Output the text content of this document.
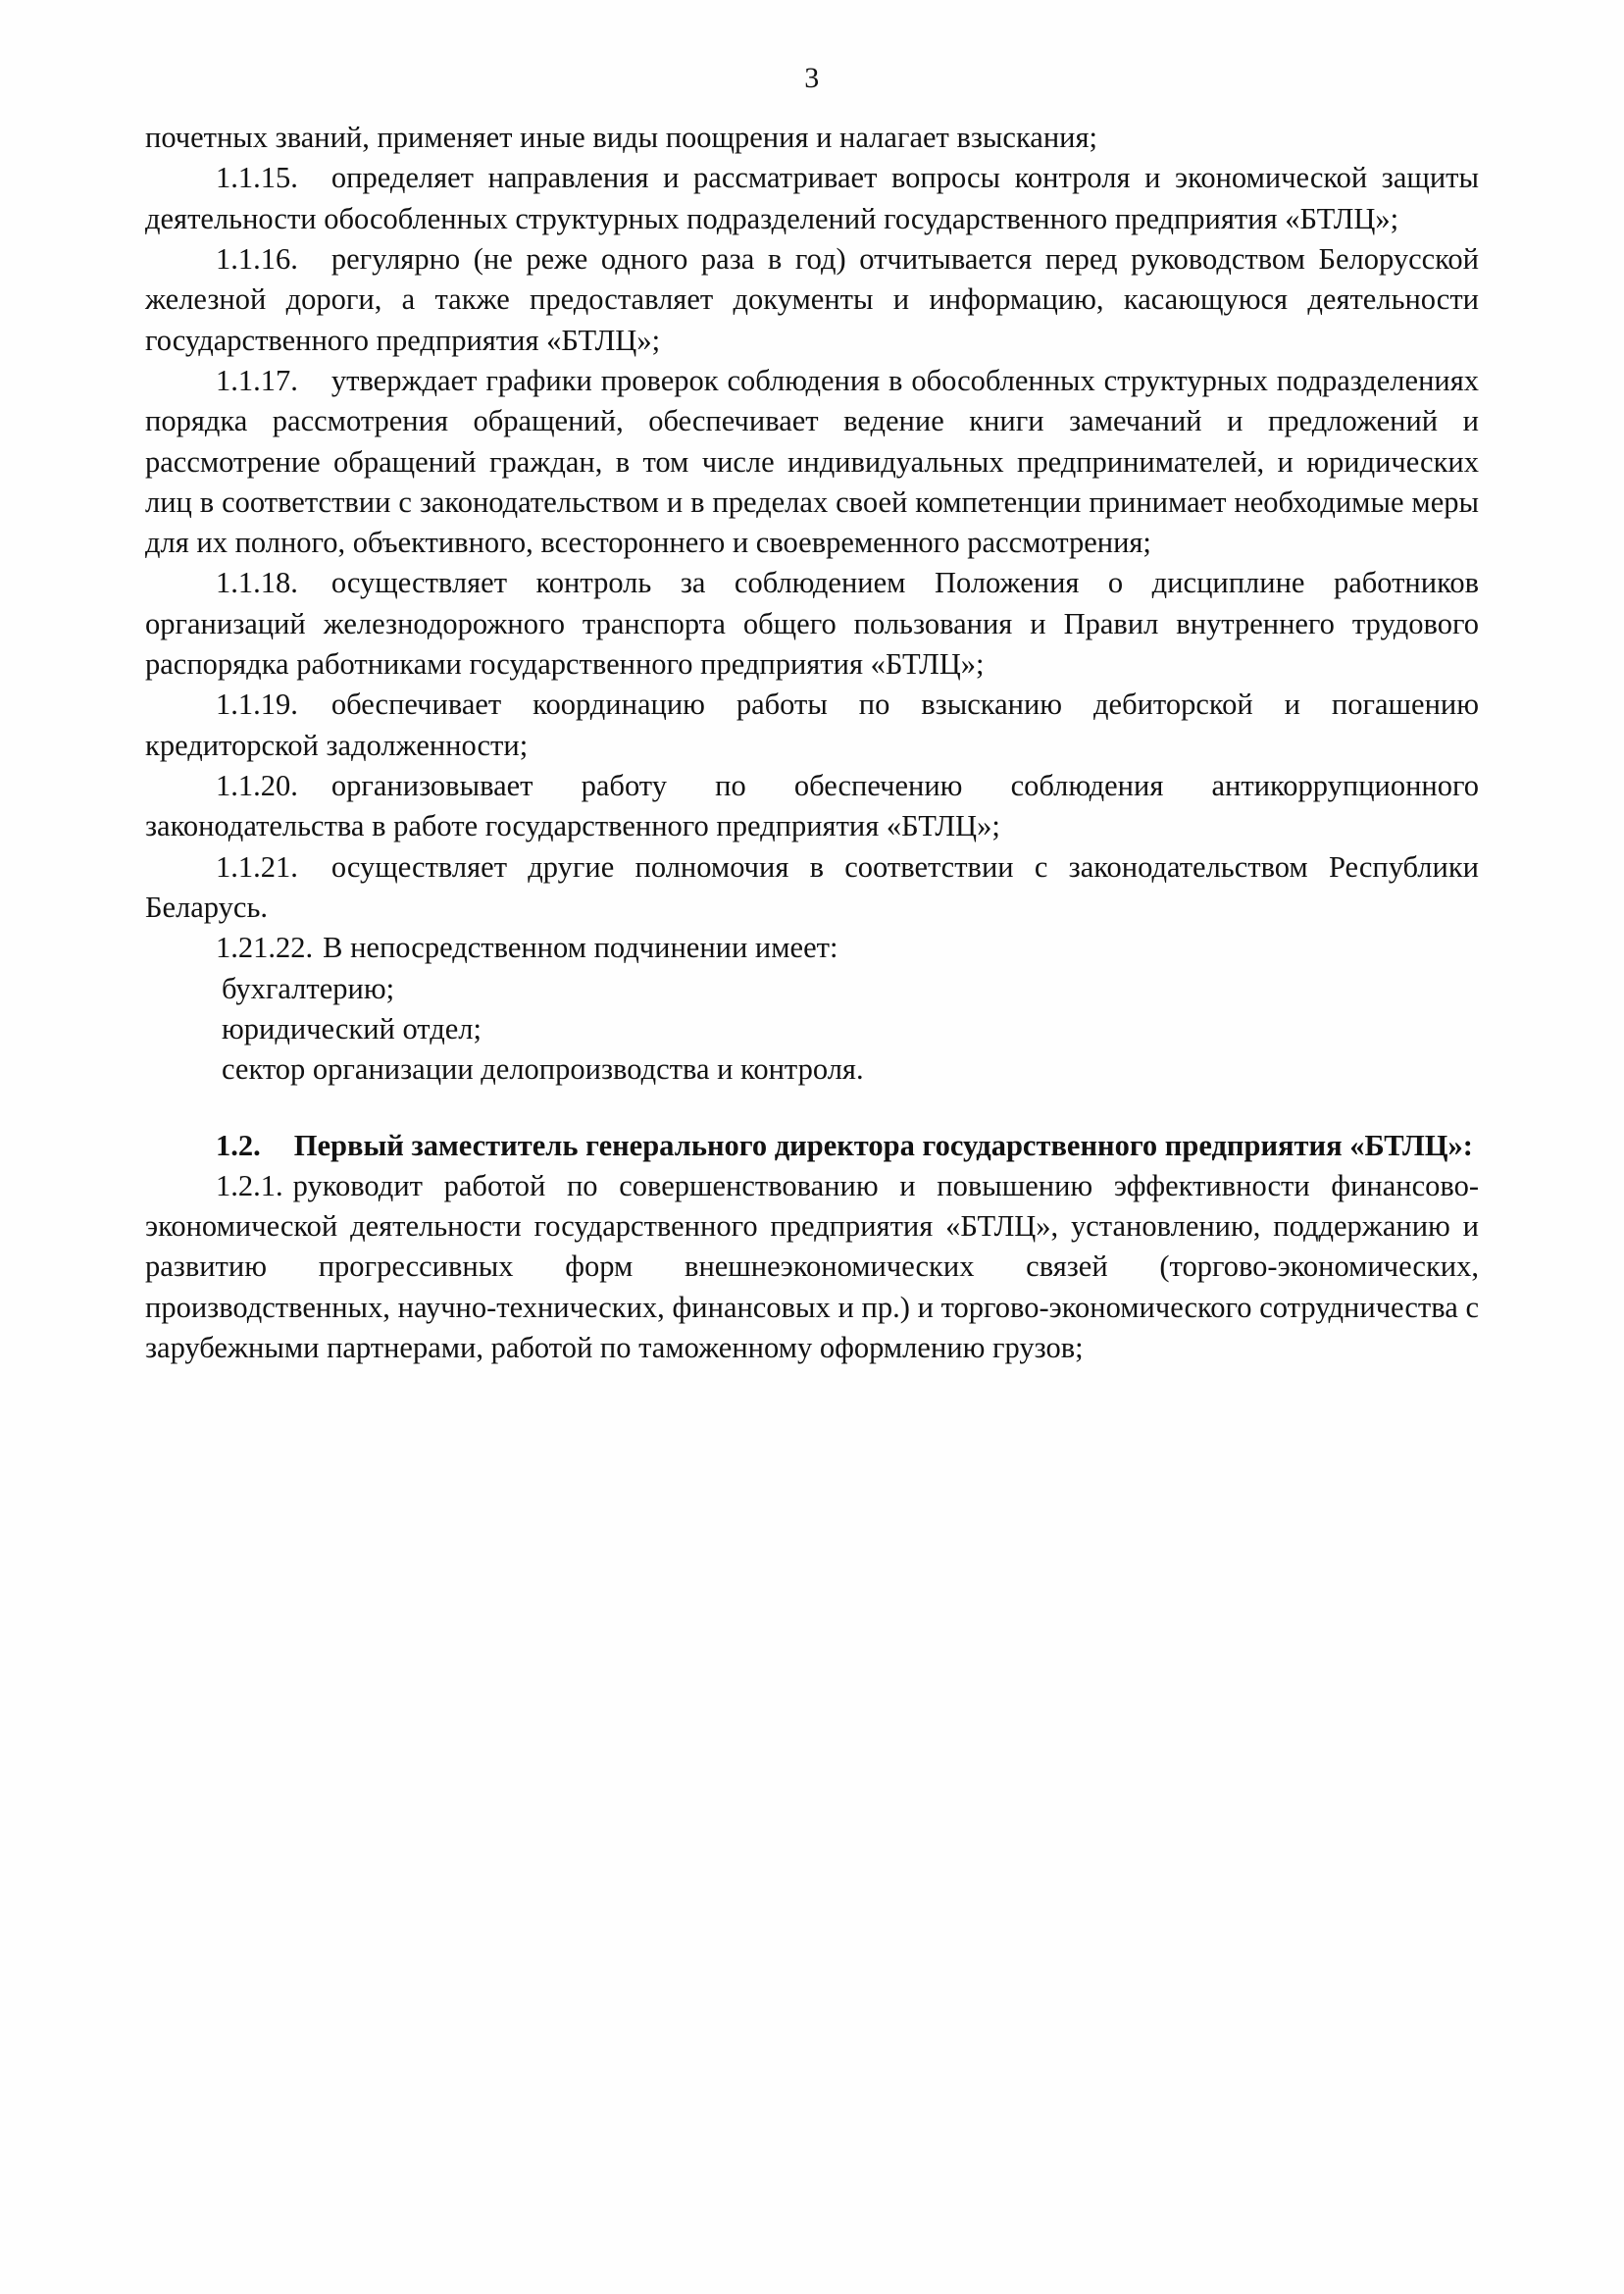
3

почетных званий, применяет иные виды поощрения и налагает взыскания;

1.1.15. определяет направления и рассматривает вопросы контроля и экономической защиты деятельности обособленных структурных подразделений государственного предприятия «БТЛЦ»;

1.1.16. регулярно (не реже одного раза в год) отчитывается перед руководством Белорусской железной дороги, а также предоставляет документы и информацию, касающуюся деятельности государственного предприятия «БТЛЦ»;

1.1.17. утверждает графики проверок соблюдения в обособленных структурных подразделениях порядка рассмотрения обращений, обеспечивает ведение книги замечаний и предложений и рассмотрение обращений граждан, в том числе индивидуальных предпринимателей, и юридических лиц в соответствии с законодательством и в пределах своей компетенции принимает необходимые меры для их полного, объективного, всестороннего и своевременного рассмотрения;

1.1.18. осуществляет контроль за соблюдением Положения о дисциплине работников организаций железнодорожного транспорта общего пользования и Правил внутреннего трудового распорядка работниками государственного предприятия «БТЛЦ»;

1.1.19. обеспечивает координацию работы по взысканию дебиторской и погашению кредиторской задолженности;

1.1.20. организовывает работу по обеспечению соблюдения антикоррупционного законодательства в работе государственного предприятия «БТЛЦ»;

1.1.21. осуществляет другие полномочия в соответствии с законодательством Республики Беларусь.

1.21.22. В непосредственном подчинении имеет:

бухгалтерию;

юридический отдел;

сектор организации делопроизводства и контроля.

1.2. Первый заместитель генерального директора государственного предприятия «БТЛЦ»:

1.2.1. руководит работой по совершенствованию и повышению эффективности финансово-экономической деятельности государственного предприятия «БТЛЦ», установлению, поддержанию и развитию прогрессивных форм внешнеэкономических связей (торгово-экономических, производственных, научно-технических, финансовых и пр.) и торгово-экономического сотрудничества с зарубежными партнерами, работой по таможенному оформлению грузов;
